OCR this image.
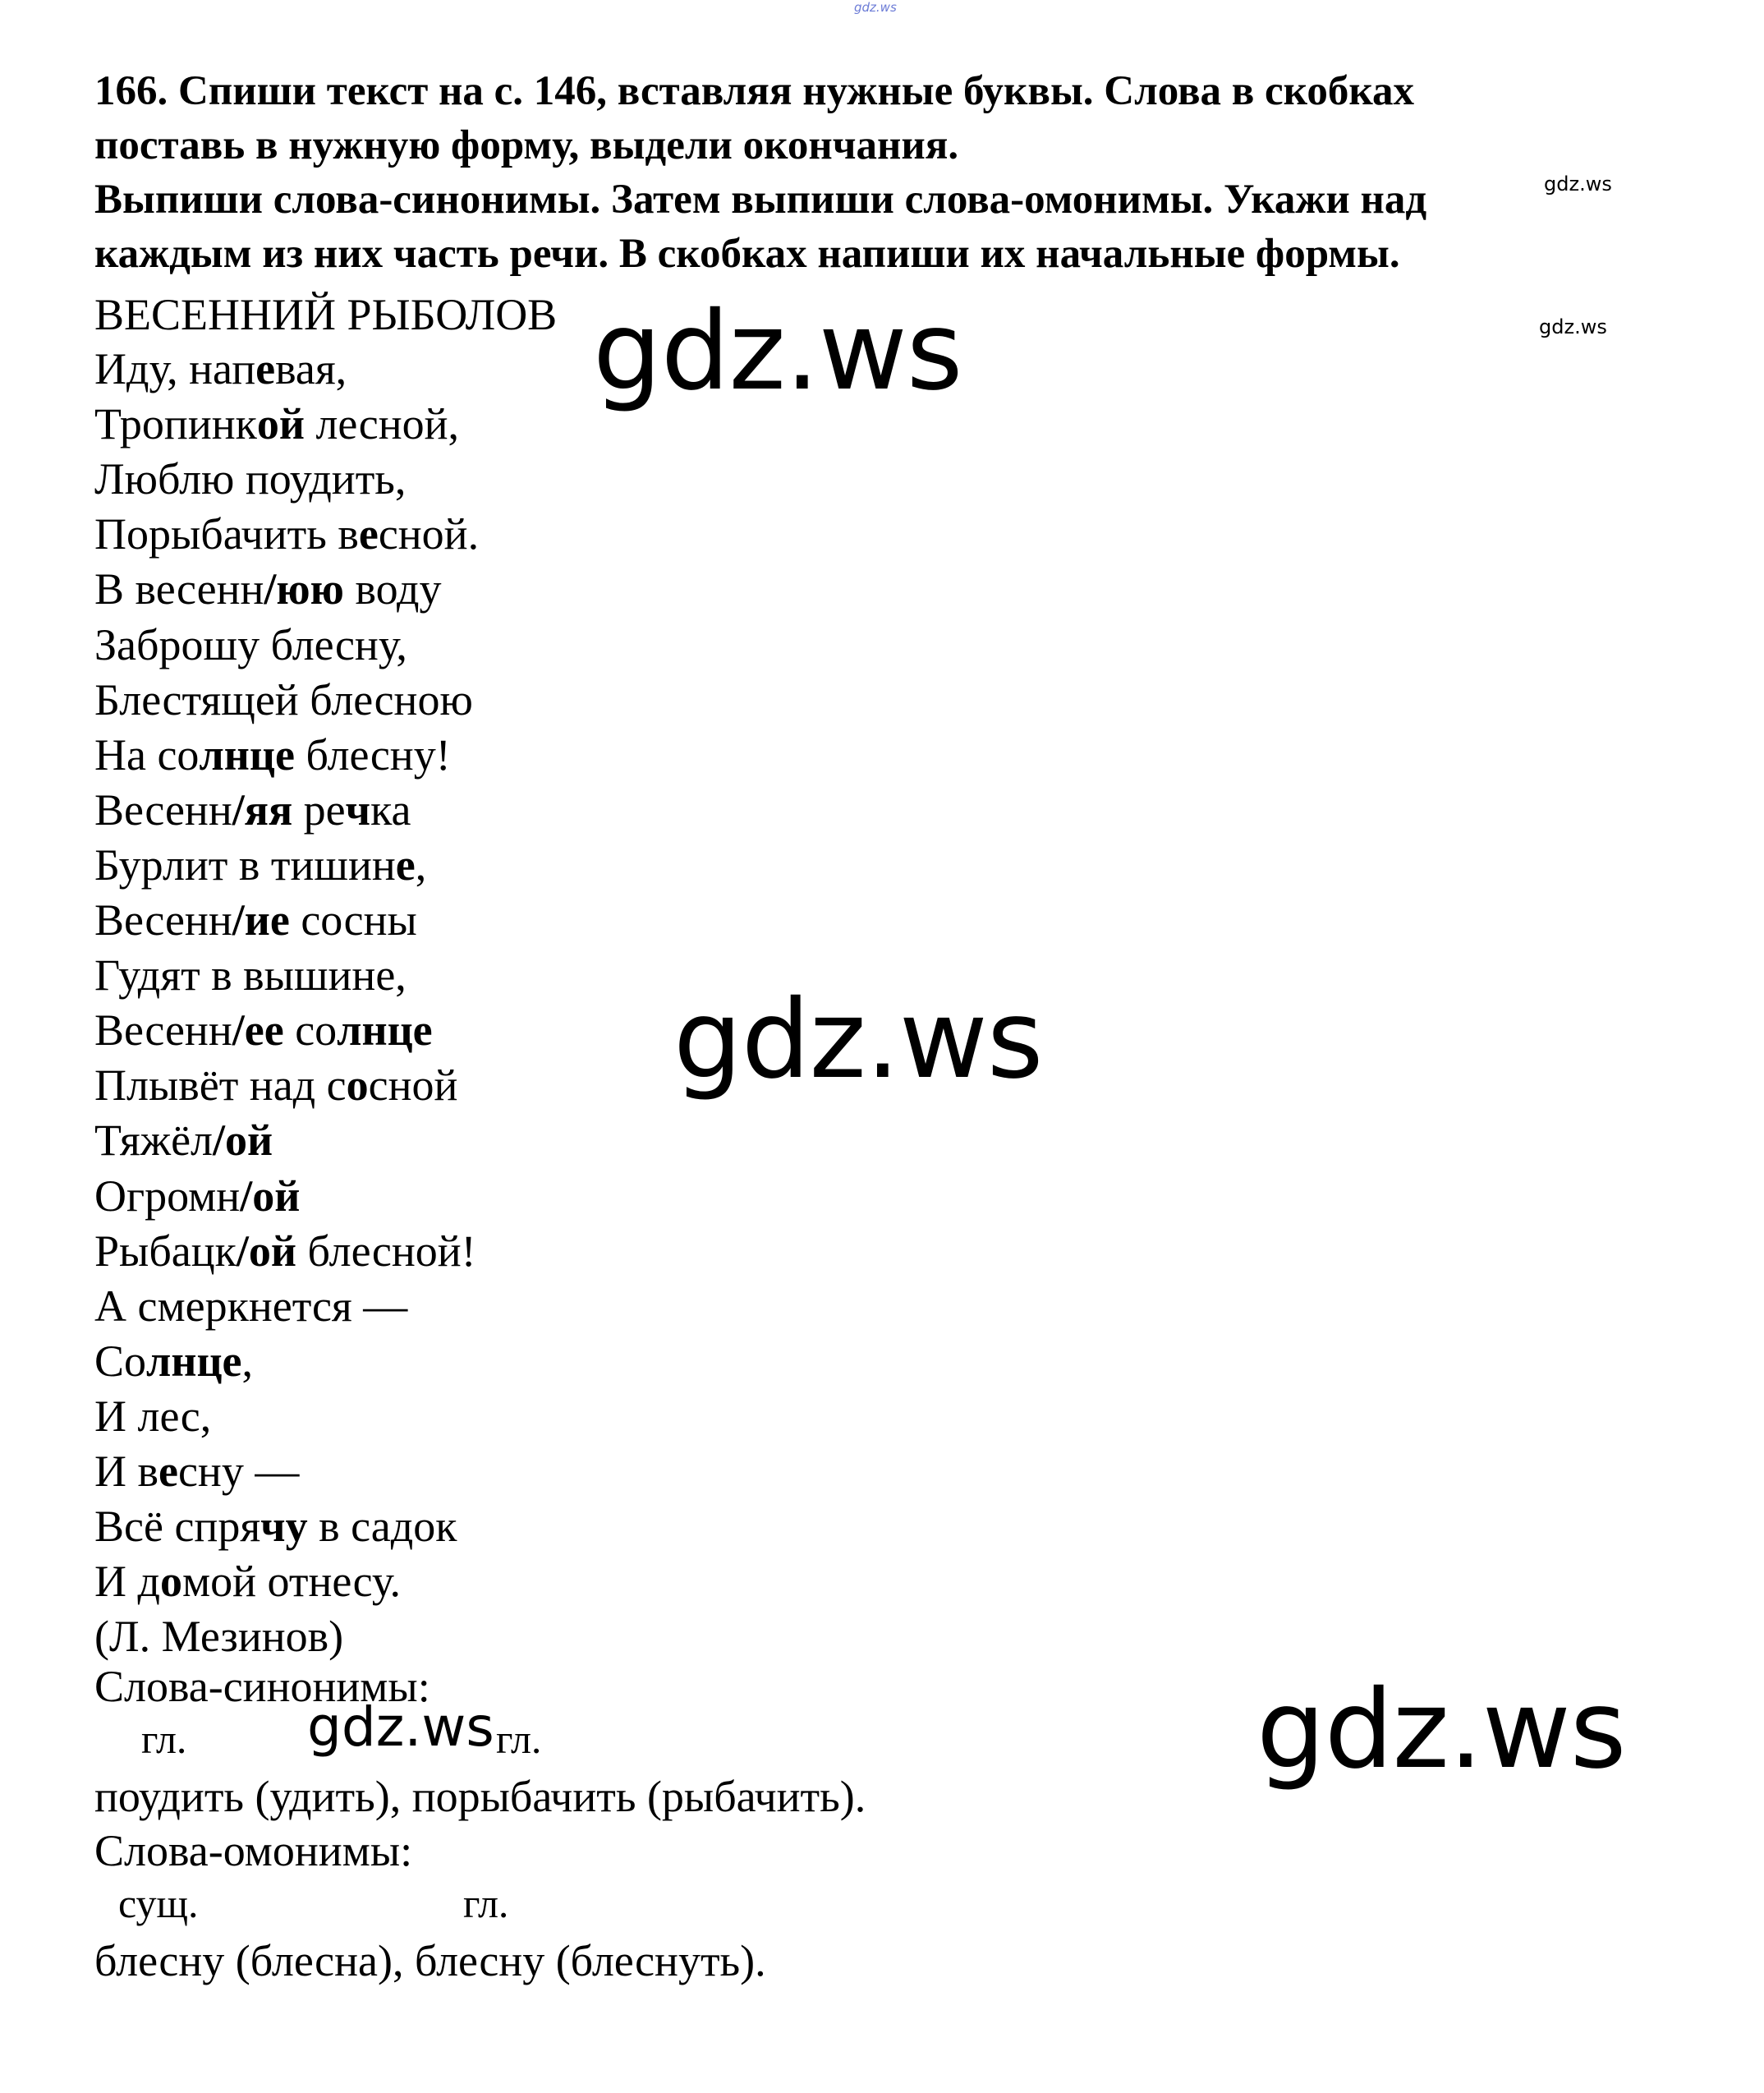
gdz.ws
gdz.ws
gdz.ws

166. Спиши текст на с. 146, вставляя нужные буквы. Слова в скобках

поставь в нужную форму, выдели окончания.

Выпиши слова-синонимы. Затем выпиши слова-омонимы. Укажи над

каждым из них часть речи. В скобках напиши их начальные формы.

ВЕСЕННИЙ РЫБОЛОВ
Иду, напевая,
Тропинкой лесной,
Люблю поудить,
Порыбачить весной.
В весенн/юю воду
Заброшу блесну,
Блестящей блесною
На солнце блесну!
Весенн/яя речка
Бурлит в тишине,
Весенн/ие сосны
Гудят в вышине,
Весенн/ее солнце
Плывёт над сосной
Тяжёл/ой
Огромн/ой
Рыбацк/ой блесной!
А смеркнется —
Солнце,
И лес,
И весну —
Всё спрячу в садок
И домой отнесу.
(Л. Мезинов)
Слова-синонимы:
гл.	гл.
поудить (удить), порыбачить (рыбачить).
Слова-омонимы:
сущ.	гл.
блесну (блесна), блесну (блеснуть).
gdz.ws
gdz.ws
gdz.ws
gdz.ws
